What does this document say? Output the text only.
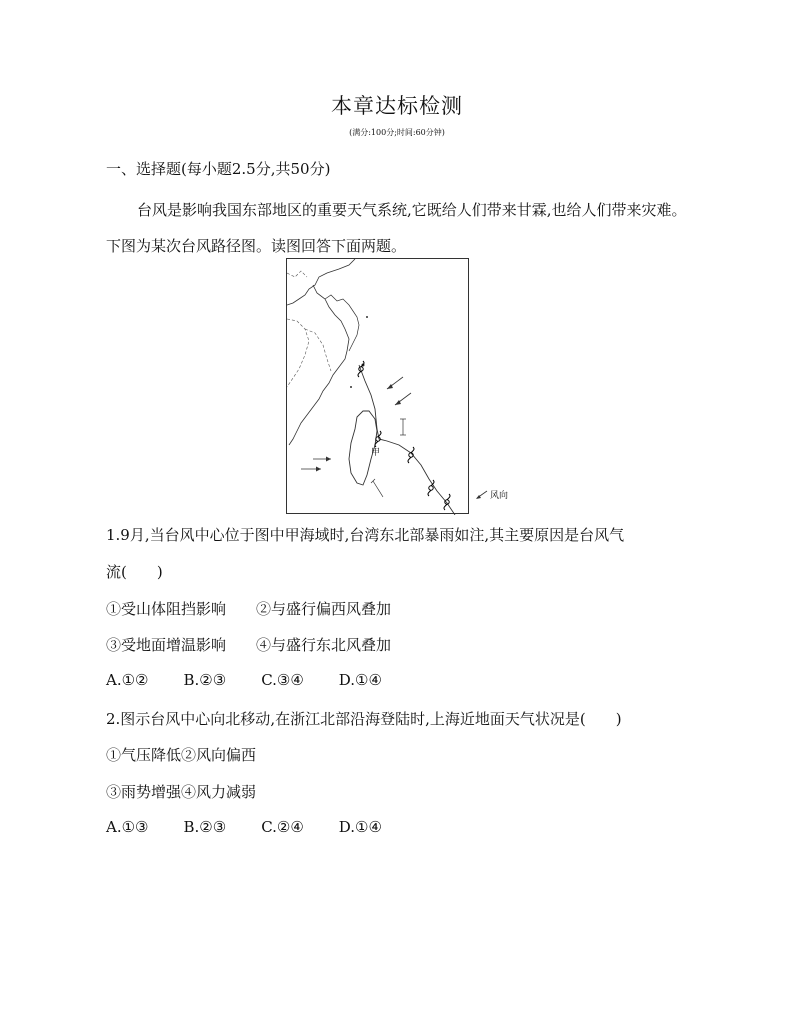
本章达标检测
(满分:100分;时间:60分钟)
一、选择题(每小题2.5分,共50分)
台风是影响我国东部地区的重要天气系统,它既给人们带来甘霖,也给人们带来灾难。下图为某次台风路径图。读图回答下面两题。
甲
风向
1.9月,当台风中心位于图中甲海域时,台湾东北部暴雨如注,其主要原因是台风气
流(　　)
①受山体阻挡影响　　②与盛行偏西风叠加
③受地面增温影响　　④与盛行东北风叠加
A.①② B.②③ C.③④ D.①④
2.图示台风中心向北移动,在浙江北部沿海登陆时,上海近地面天气状况是(　　)
①气压降低②风向偏西
③雨势增强④风力减弱
A.①③ B.②③ C.②④ D.①④
